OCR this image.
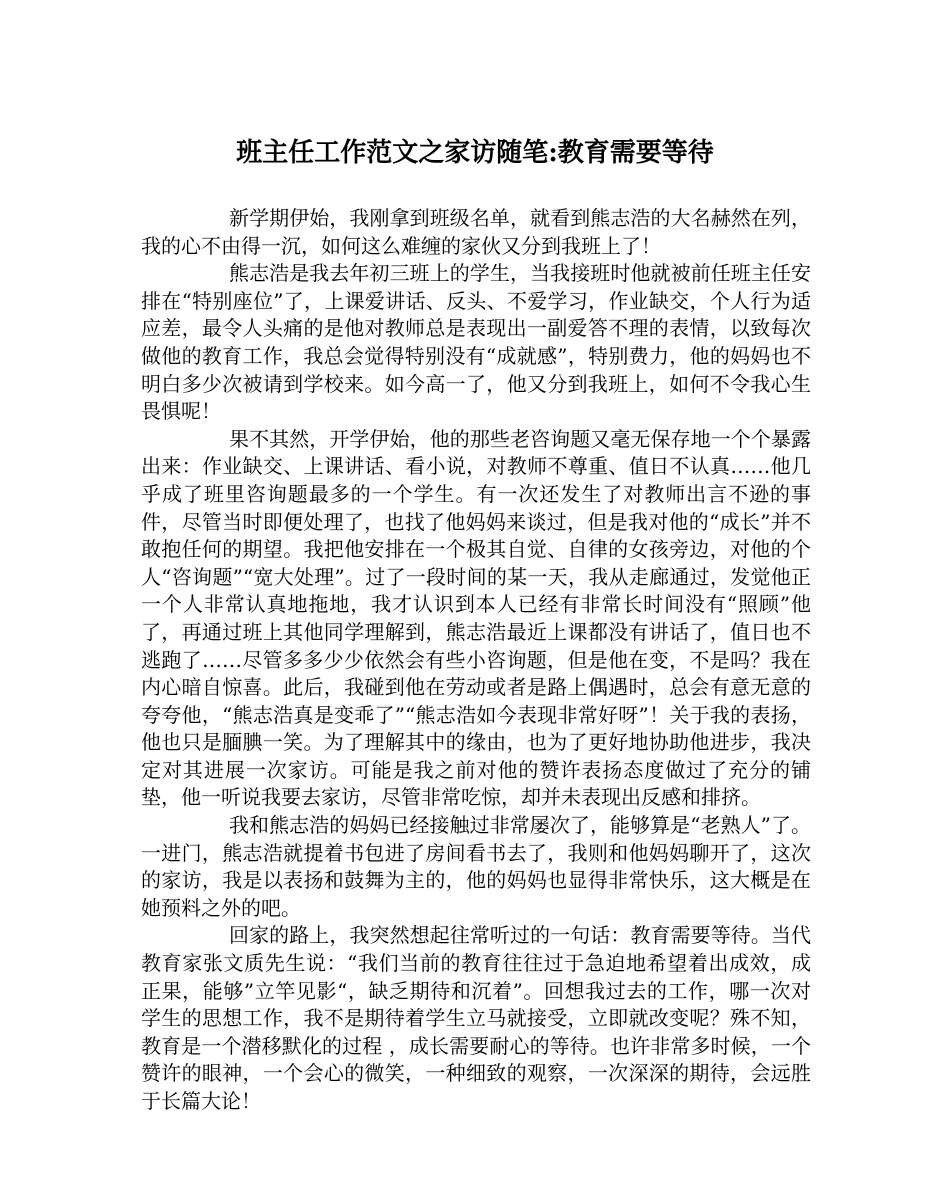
班主任工作范文之家访随笔:教育需要等待

新学期伊始，我刚拿到班级名单，就看到熊志浩的大名赫然在列，我的心不由得一沉，如何这么难缠的家伙又分到我班上了！

熊志浩是我去年初三班上的学生，当我接班时他就被前任班主任安排在“特别座位”了，上课爱讲话、反头、不爱学习，作业缺交，个人行为适应差，最令人头痛的是他对教师总是表现出一副爱答不理的表情，以致每次做他的教育工作，我总会觉得特别没有“成就感”，特别费力，他的妈妈也不明白多少次被请到学校来。如今高一了，他又分到我班上，如何不令我心生畏惧呢！

果不其然，开学伊始，他的那些老咨询题又毫无保存地一个个暴露出来：作业缺交、上课讲话、看小说，对教师不尊重、值日不认真……他几乎成了班里咨询题最多的一个学生。有一次还发生了对教师出言不逊的事件，尽管当时即便处理了，也找了他妈妈来谈过，但是我对他的“成长”并不敢抱任何的期望。我把他安排在一个极其自觉、自律的女孩旁边，对他的个人“咨询题”“宽大处理”。过了一段时间的某一天，我从走廊通过，发觉他正一个人非常认真地拖地，我才认识到本人已经有非常长时间没有“照顾”他了，再通过班上其他同学理解到，熊志浩最近上课都没有讲话了，值日也不逃跑了……尽管多多少少依然会有些小咨询题，但是他在变，不是吗？我在内心暗自惊喜。此后，我碰到他在劳动或者是路上偶遇时，总会有意无意的夸夸他，“熊志浩真是变乖了”“熊志浩如今表现非常好呀”！关于我的表扬，他也只是腼腆一笑。为了理解其中的缘由，也为了更好地协助他进步，我决定对其进展一次家访。可能是我之前对他的赞许表扬态度做过了充分的铺垫，他一听说我要去家访，尽管非常吃惊，却并未表现出反感和排挤。

我和熊志浩的妈妈已经接触过非常屡次了，能够算是“老熟人”了。一进门，熊志浩就提着书包进了房间看书去了，我则和他妈妈聊开了，这次的家访，我是以表扬和鼓舞为主的，他的妈妈也显得非常快乐，这大概是在她预料之外的吧。

回家的路上，我突然想起往常听过的一句话：教育需要等待。当代教育家张文质先生说：“我们当前的教育往往过于急迫地希望着出成效，成正果，能够”立竿见影“，缺乏期待和沉着”。回想我过去的工作，哪一次对学生的思想工作，我不是期待着学生立马就接受，立即就改变呢？殊不知，教育是一个潜移默化的过程 ，成长需要耐心的等待。也许非常多时候，一个赞许的眼神，一个会心的微笑，一种细致的观察，一次深深的期待，会远胜于长篇大论！
